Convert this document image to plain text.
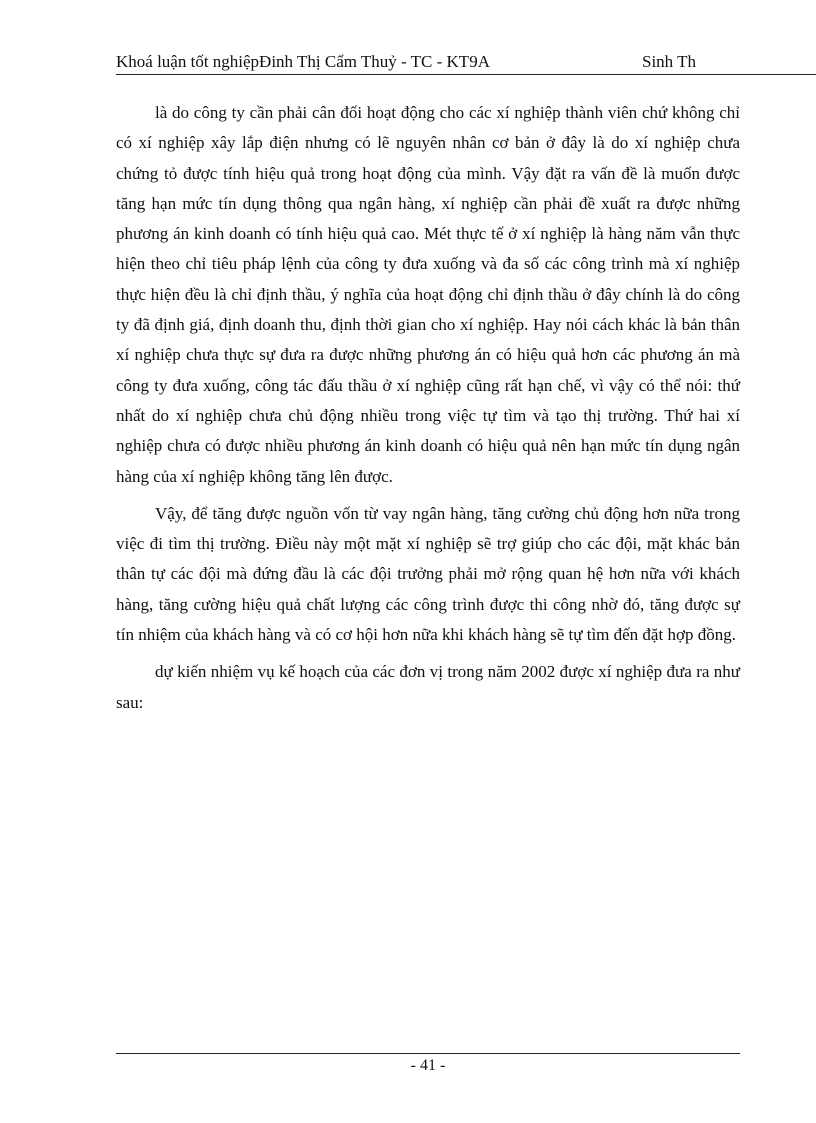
Khoá luận tốt nghiệpĐinh Thị Cẩm Thuỷ - TC - KT9A	Sinh Th

là do công ty cần phải cân đối hoạt động cho các xí nghiệp thành viên chứ không chỉ có xí nghiệp xây lắp điện nhưng có lẽ nguyên nhân cơ bản ở đây là do xí nghiệp chưa chứng tỏ được tính hiệu quả trong hoạt động của mình. Vậy đặt ra vấn đề là muốn được tăng hạn mức tín dụng thông qua ngân hàng, xí nghiệp cần phải đề xuất ra được những phương án kinh doanh có tính hiệu quả cao. Mét thực tế ở xí nghiệp là hàng năm vẫn thực hiện theo chỉ tiêu pháp lệnh của công ty đưa xuống và đa số các công trình mà xí nghiệp thực hiện đều là chỉ định thầu, ý nghĩa của hoạt động chỉ định thầu ở đây chính là do công ty đã định giá, định doanh thu, định thời gian cho xí nghiệp. Hay nói cách khác là bản thân xí nghiệp chưa thực sự đưa ra được những phương án có hiệu quả hơn các phương án mà công ty đưa xuống, công tác đấu thầu ở xí nghiệp cũng rất hạn chế, vì vậy có thể nói: thứ nhất do xí nghiệp chưa chủ động nhiều trong việc tự tìm và tạo thị trường. Thứ hai xí nghiệp chưa có được nhiều phương án kinh doanh có hiệu quả nên hạn mức tín dụng ngân hàng của xí nghiệp không tăng lên được.

Vậy, để tăng được nguồn vốn từ vay ngân hàng, tăng cường chủ động hơn nữa trong việc đi tìm thị trường. Điều này một mặt xí nghiệp sẽ trợ giúp cho các đội, mặt khác bản thân tự các đội mà đứng đầu là các đội trưởng phải mở rộng quan hệ hơn nữa với khách hàng, tăng cường hiệu quả chất lượng các công trình được thi công nhờ đó, tăng được sự tín nhiệm của khách hàng và có cơ hội hơn nữa khi khách hàng sẽ tự tìm đến đặt hợp đồng.

dự kiến nhiệm vụ kế hoạch của các đơn vị trong năm 2002 được xí nghiệp đưa ra như sau:

- 41 -
